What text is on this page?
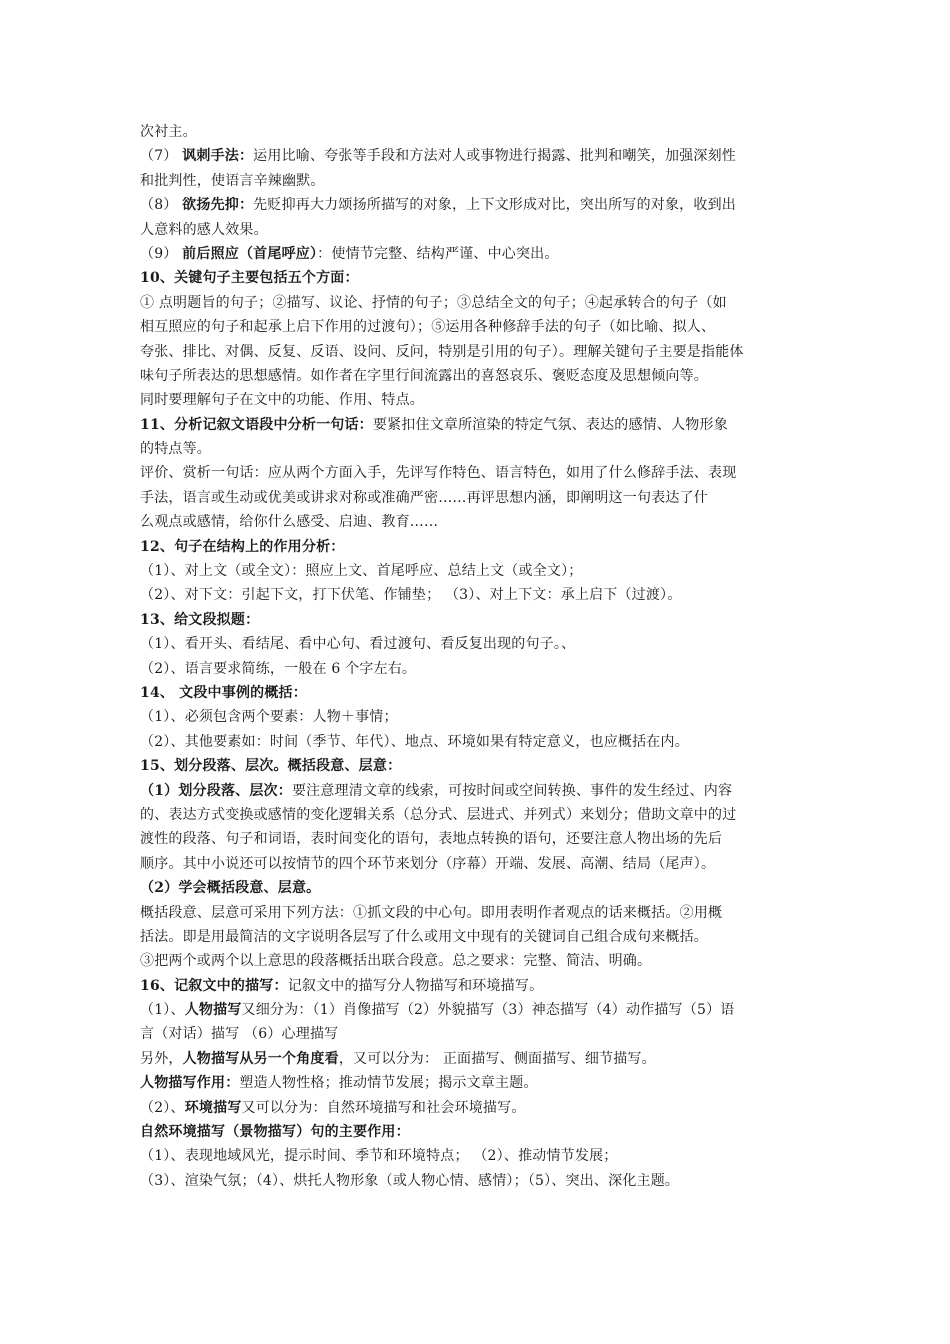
次衬主。
（7） 讽刺手法：运用比喻、夸张等手段和方法对人或事物进行揭露、批判和嘲笑，加强深刻性
和批判性，使语言辛辣幽默。
（8） 欲扬先抑：先贬抑再大力颂扬所描写的对象，上下文形成对比，突出所写的对象，收到出
人意料的感人效果。
（9） 前后照应（首尾呼应）：使情节完整、结构严谨、中心突出。
10、关键句子主要包括五个方面：
① 点明题旨的句子；②描写、议论、抒情的句子；③总结全文的句子；④起承转合的句子（如
相互照应的句子和起承上启下作用的过渡句）；⑤运用各种修辞手法的句子（如比喻、拟人、
夸张、排比、对偶、反复、反语、设问、反问，特别是引用的句子）。理解关键句子主要是指能体
味句子所表达的思想感情。如作者在字里行间流露出的喜怒哀乐、褒贬态度及思想倾向等。
同时要理解句子在文中的功能、作用、特点。
11、分析记叙文语段中分析一句话：要紧扣住文章所渲染的特定气氛、表达的感情、人物形象
的特点等。
评价、赏析一句话：应从两个方面入手，先评写作特色、语言特色，如用了什么修辞手法、表现
手法，语言或生动或优美或讲求对称或准确严密……再评思想内涵，即阐明这一句表达了什
么观点或感情，给你什么感受、启迪、教育……
12、句子在结构上的作用分析：
（1）、对上文（或全文）：照应上文、首尾呼应、总结上文（或全文）；
（2）、对下文：引起下文，打下伏笔、作铺垫； （3）、对上下文：承上启下（过渡）。
13、给文段拟题：
（1）、看开头、看结尾、看中心句、看过渡句、看反复出现的句子。、
（2）、语言要求简练，一般在 6 个字左右。
14、 文段中事例的概括：
（1）、必须包含两个要素：人物＋事情；
（2）、其他要素如：时间（季节、年代）、地点、环境如果有特定意义，也应概括在内。
15、划分段落、层次。概括段意、层意：
（1）划分段落、层次：要注意理清文章的线索，可按时间或空间转换、事件的发生经过、内容
的、表达方式变换或感情的变化逻辑关系（总分式、层进式、并列式）来划分；借助文章中的过
渡性的段落、句子和词语，表时间变化的语句，表地点转换的语句，还要注意人物出场的先后
顺序。其中小说还可以按情节的四个环节来划分（序幕）开端、发展、高潮、结局（尾声）。
（2）学会概括段意、层意。
概括段意、层意可采用下列方法：①抓文段的中心句。即用表明作者观点的话来概括。②用概
括法。即是用最简洁的文字说明各层写了什么或用文中现有的关键词自己组合成句来概括。
③把两个或两个以上意思的段落概括出联合段意。总之要求：完整、简洁、明确。
16、记叙文中的描写：记叙文中的描写分人物描写和环境描写。
（1）、人物描写又细分为：（1）肖像描写（2）外貌描写（3）神态描写（4）动作描写（5）语
言（对话）描写 （6）心理描写
另外，人物描写从另一个角度看，又可以分为： 正面描写、侧面描写、细节描写。
人物描写作用：塑造人物性格；推动情节发展；揭示文章主题。
（2）、环境描写又可以分为：自然环境描写和社会环境描写。
自然环境描写（景物描写）句的主要作用：
（1）、表现地域风光，提示时间、季节和环境特点； （2）、推动情节发展；
（3）、渲染气氛；（4）、烘托人物形象（或人物心情、感情）；（5）、突出、深化主题。
